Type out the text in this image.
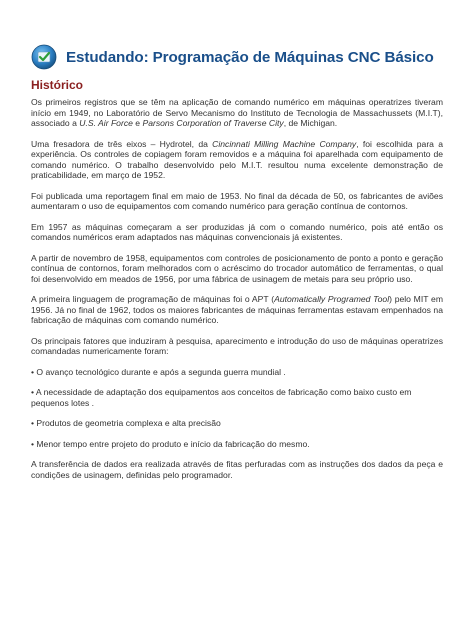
Estudando: Programação de Máquinas CNC Básico
Histórico

Os primeiros registros que se têm na aplicação de comando numérico em máquinas operatrizes tiveram início em 1949, no Laboratório de Servo Mecanismo do Instituto de Tecnologia de Massachussets (M.I.T), associado a U.S. Air Force e Parsons Corporation of Traverse City, de Michigan.

Uma fresadora de três eixos – Hydrotel, da Cincinnati Milling Machine Company, foi escolhida para a experiência. Os controles de copiagem foram removidos e a máquina foi aparelhada com equipamento de comando numérico. O trabalho desenvolvido pelo M.I.T. resultou numa excelente demonstração de praticabilidade, em março de 1952.

Foi publicada uma reportagem final em maio de 1953. No final da década de 50, os fabricantes de aviões aumentaram o uso de equipamentos com comando numérico para geração contínua de contornos.

Em 1957 as máquinas começaram a ser produzidas já com o comando numérico, pois até então os comandos numéricos eram adaptados nas máquinas convencionais já existentes.

A partir de novembro de 1958, equipamentos com controles de posicionamento de ponto a ponto e geração contínua de contornos, foram melhorados com o acréscimo do trocador automático de ferramentas, o qual foi desenvolvido em meados de 1956, por uma fábrica de usinagem de metais para seu próprio uso.

A primeira linguagem de programação de máquinas foi o APT (Automatically Programed Tool) pelo MIT em 1956. Já no final de 1962, todos os maiores fabricantes de máquinas ferramentas estavam empenhados na fabricação de máquinas com comando numérico.

Os principais fatores que induziram à pesquisa, aparecimento e introdução do uso de máquinas operatrizes comandadas numericamente foram:

• O avanço tecnológico durante e após a segunda guerra mundial .

• A necessidade de adaptação dos equipamentos aos conceitos de fabricação como baixo custo em pequenos lotes .

• Produtos de geometria complexa e alta precisão

• Menor tempo entre projeto do produto e início da fabricação do mesmo.

A transferência de dados era realizada através de fitas perfuradas com as instruções dos dados da peça e condições de usinagem, definidas pelo programador.
